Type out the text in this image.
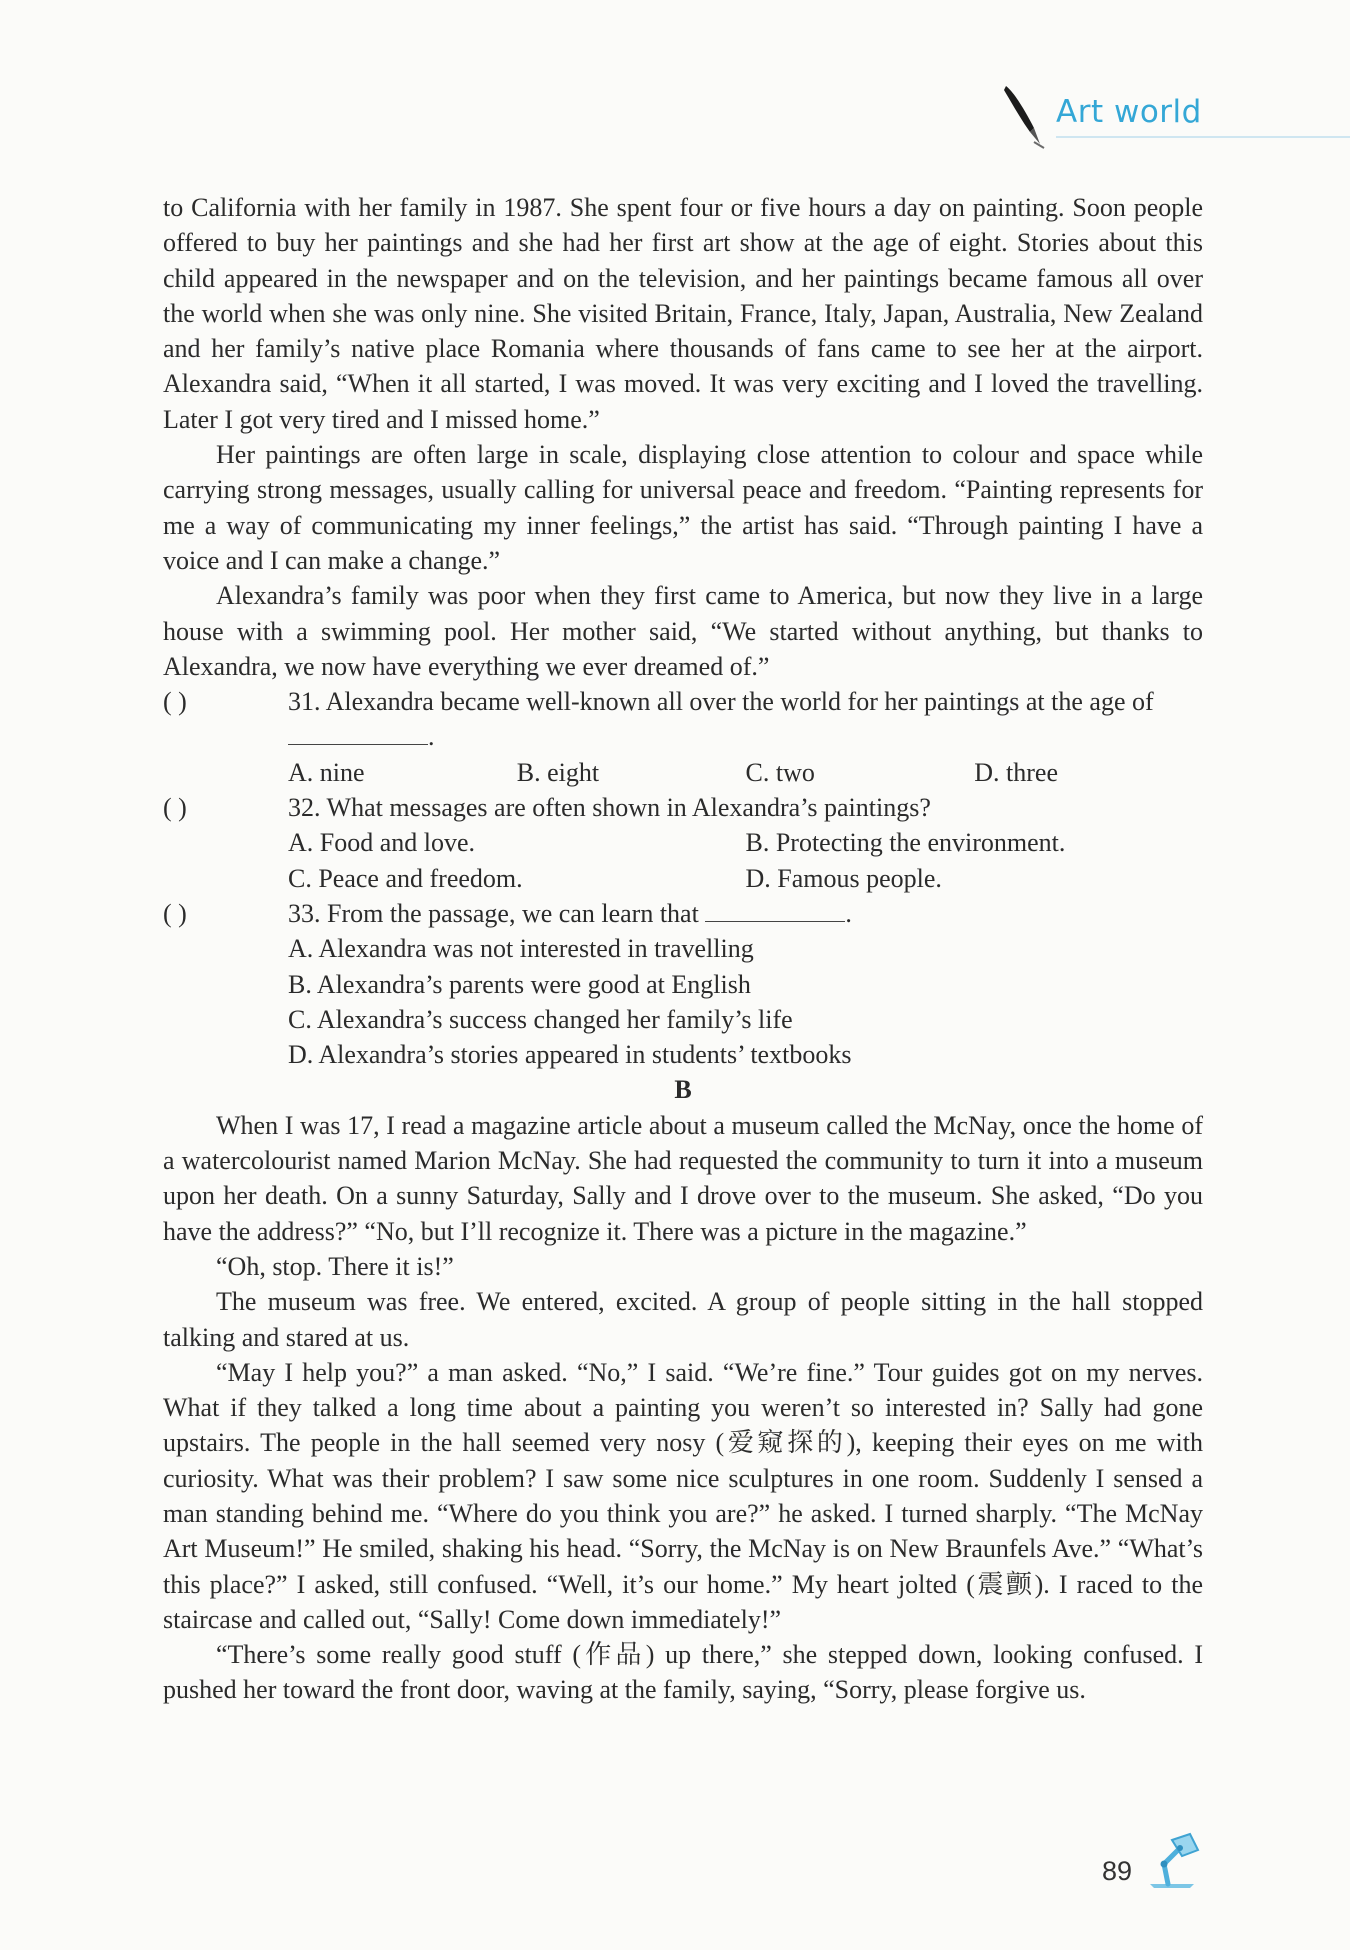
Art world

to California with her family in 1987. She spent four or five hours a day on painting. Soon people offered to buy her paintings and she had her first art show at the age of eight. Stories about this child appeared in the newspaper and on the television, and her paintings became famous all over the world when she was only nine. She visited Britain, France, Italy, Japan, Australia, New Zealand and her family’s native place Romania where thousands of fans came to see her at the airport. Alexandra said, “When it all started, I was moved. It was very exciting and I loved the travelling. Later I got very tired and I missed home.”

Her paintings are often large in scale, displaying close attention to colour and space while carrying strong messages, usually calling for universal peace and freedom. “Painting represents for me a way of communicating my inner feelings,” the artist has said. “Through painting I have a voice and I can make a change.”

Alexandra’s family was poor when they first came to America, but now they live in a large house with a swimming pool. Her mother said, “We started without anything, but thanks to Alexandra, we now have everything we ever dreamed of.”

( )	31. Alexandra became well-known all over the world for her paintings at the age of
.
A. nine	B. eight	C. two	D. three
( )	32. What messages are often shown in Alexandra’s paintings?
A. Food and love.	B. Protecting the environment.
C. Peace and freedom.	D. Famous people.
( )	33. From the passage, we can learn that	.
A. Alexandra was not interested in travelling
B. Alexandra’s parents were good at English
C. Alexandra’s success changed her family’s life
D. Alexandra’s stories appeared in students’ textbooks

B

When I was 17, I read a magazine article about a museum called the McNay, once the home of a watercolourist named Marion McNay. She had requested the community to turn it into a museum upon her death. On a sunny Saturday, Sally and I drove over to the museum. She asked, “Do you have the address?” “No, but I’ll recognize it. There was a picture in the magazine.”

“Oh, stop. There it is!”

The museum was free. We entered, excited. A group of people sitting in the hall stopped talking and stared at us.

“May I help you?” a man asked. “No,” I said. “We’re fine.” Tour guides got on my nerves. What if they talked a long time about a painting you weren’t so interested in? Sally had gone upstairs. The people in the hall seemed very nosy (爱窥探的), keeping their eyes on me with curiosity. What was their problem? I saw some nice sculptures in one room. Suddenly I sensed a man standing behind me. “Where do you think you are?” he asked. I turned sharply. “The McNay Art Museum!” He smiled, shaking his head. “Sorry, the McNay is on New Braunfels Ave.” “What’s this place?” I asked, still confused. “Well, it’s our home.” My heart jolted (震颤). I raced to the staircase and called out, “Sally! Come down immediately!”

“There’s some really good stuff (作品) up there,” she stepped down, looking confused. I pushed her toward the front door, waving at the family, saying, “Sorry, please forgive us.

89
